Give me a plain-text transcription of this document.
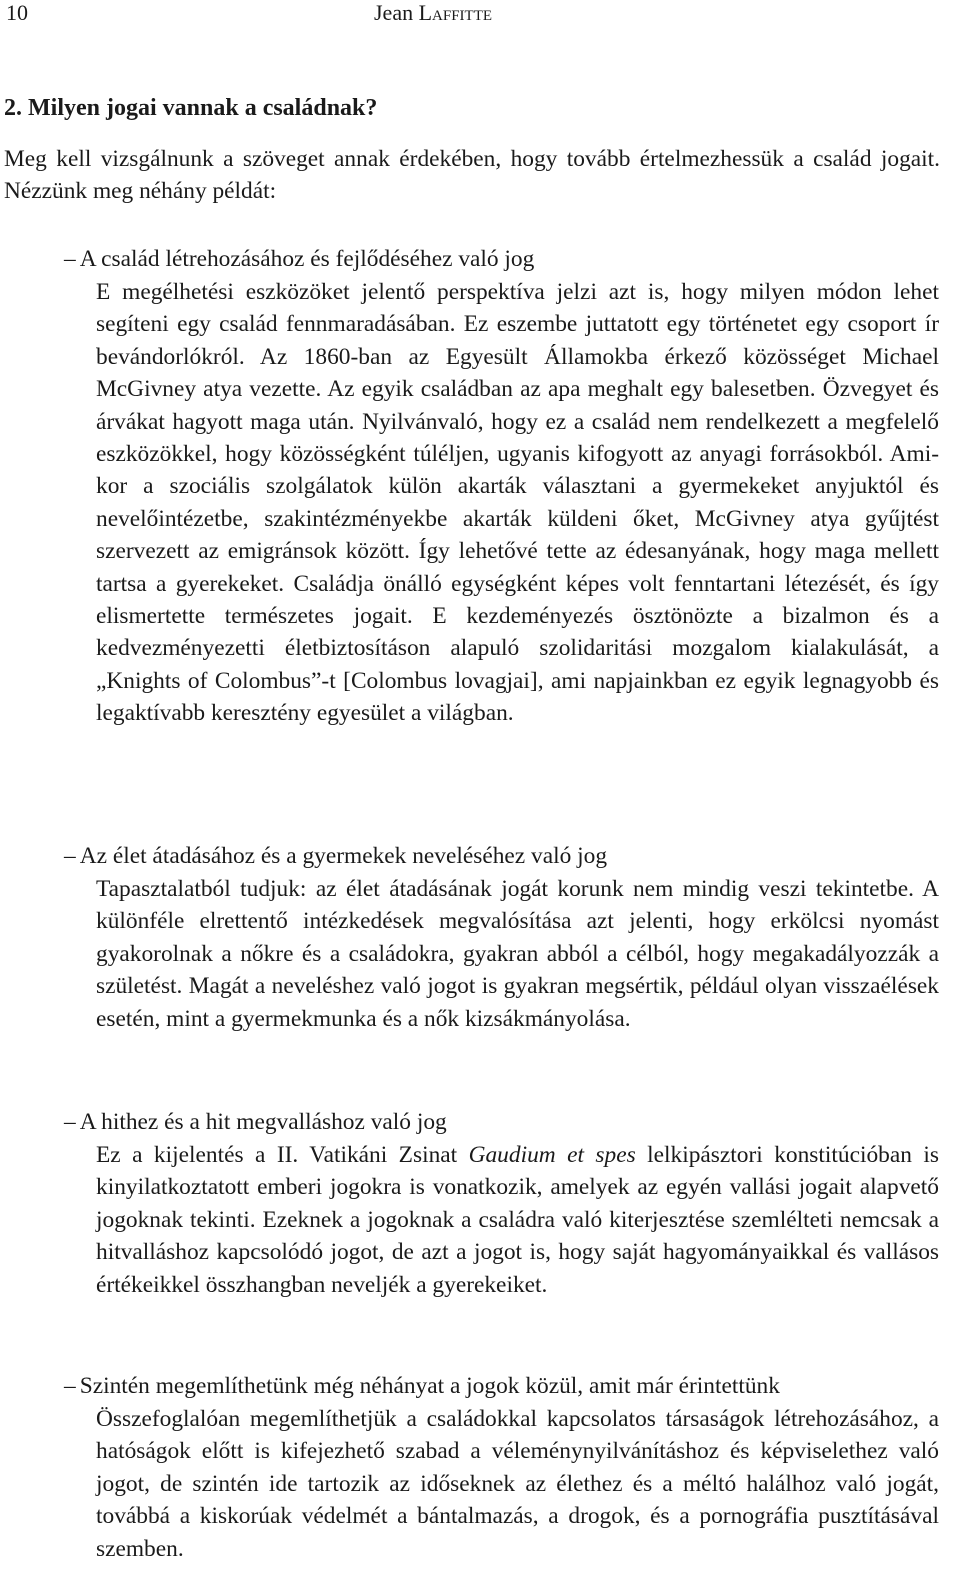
10	Jean Laffitte
2. Milyen jogai vannak a családnak?

Meg kell vizsgálnunk a szöveget annak érdekében, hogy tovább értelmezhessük a család jogait. Nézzünk meg néhány példát:

– A család létrehozásához és fejlődéséhez való jog

E megélhetési eszközöket jelentő perspektíva jelzi azt is, hogy milyen módon lehet segíteni egy család fennmaradásában. Ez eszembe juttatott egy történetet egy csoport ír bevándorlókról. Az 1860-ban az Egyesült Államokba érkező közösséget Michael McGivney atya vezette. Az egyik családban az apa meghalt egy balesetben. Özvegyet és árvákat hagyott maga után. Nyilvánvaló, hogy ez a család nem rendelkezett a megfelelő eszközökkel, hogy közösségként túléljen, ugyanis kifogyott az anyagi forrásokból. Amikor a szociális szolgálatok külön akarták választani a gyermekeket anyjuktól és nevelőintézetbe, szakintézményekbe akarták küldeni őket, McGivney atya gyűjtést szervezett az emigránsok között. Így lehetővé tette az édesanyának, hogy maga mellett tartsa a gyerekeket. Családja önálló egységként képes volt fenntartani létezését, és így elismertette természetes jogait. E kezdeményezés ösztönözte a bizalmon és a kedvezményezetti életbiztosításon alapuló szolidaritási mozgalom kialakulását, a „Knights of Colombus”-t [Colombus lovagjai], ami napjainkban ez egyik legnagyobb és legaktívabb keresztény egyesület a világban.

– Az élet átadásához és a gyermekek neveléséhez való jog

Tapasztalatból tudjuk: az élet átadásának jogát korunk nem mindig veszi tekintetbe. A különféle elrettentő intézkedések megvalósítása azt jelenti, hogy erkölcsi nyomást gyakorolnak a nőkre és a családokra, gyakran abból a célból, hogy megakadályozzák a születést. Magát a neveléshez való jogot is gyakran megsértik, például olyan visszaélések esetén, mint a gyermekmunka és a nők kizsákmányolása.

– A hithez és a hit megvalláshoz való jog

Ez a kijelentés a II. Vatikáni Zsinat Gaudium et spes lelkipásztori konstitúcióban is kinyilatkoztatott emberi jogokra is vonatkozik, amelyek az egyén vallási jogait alapvető jogoknak tekinti. Ezeknek a jogoknak a családra való kiterjesztése szemlélteti nemcsak a hitvalláshoz kapcsolódó jogot, de azt a jogot is, hogy saját hagyományaikkal és vallásos értékeikkel összhangban neveljék a gyerekeiket.

– Szintén megemlíthetünk még néhányat a jogok közül, amit már érintettünk

Összefoglalóan megemlíthetjük a családokkal kapcsolatos társaságok létrehozásához, a hatóságok előtt is kifejezhető szabad a véleménynyilvánításhoz és képviselethez való jogot, de szintén ide tartozik az időseknek az élethez és a méltó halálhoz való jogát, továbbá a kiskorúak védelmét a bántalmazás, a drogok, és a pornográfia pusztításával szemben.
